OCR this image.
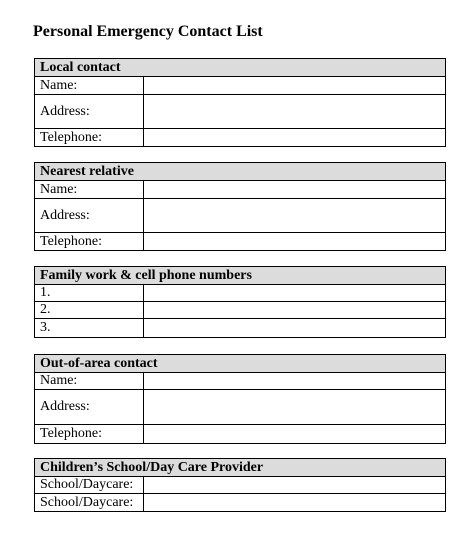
Personal Emergency Contact List
Local contact
Name:
Address:
Telephone:
Nearest relative
Name:
Address:
Telephone:
Family work & cell phone numbers
1.
2.
3.
Out-of-area contact
Name:
Address:
Telephone:
Children’s School/Day Care Provider
School/Daycare:
School/Daycare:
